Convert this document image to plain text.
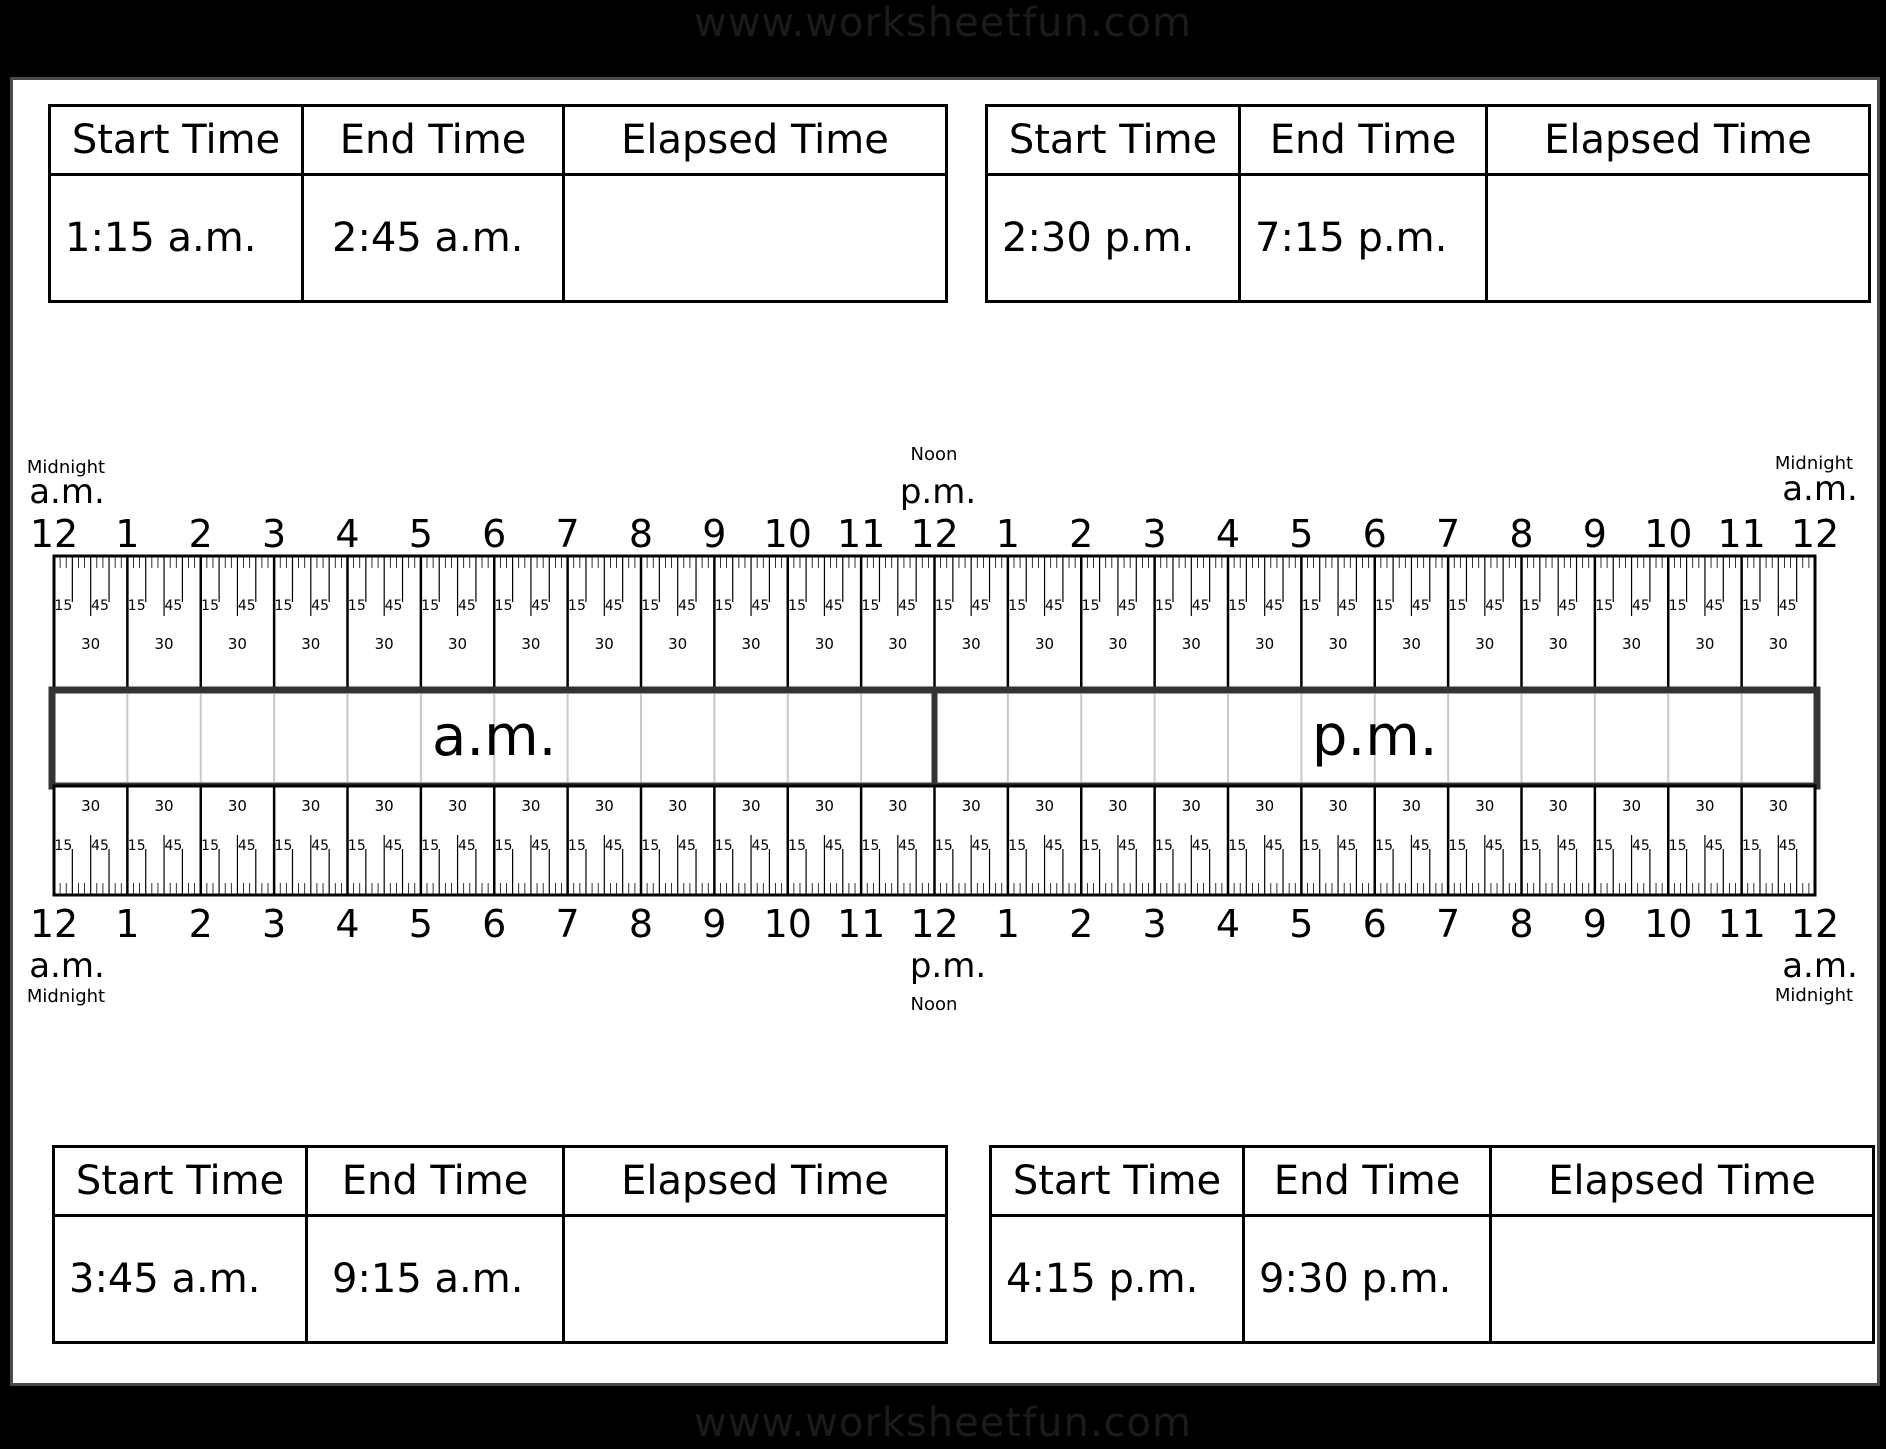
www.worksheetfun.com
Start Time	End Time	Elapsed Time
1:15 a.m.	2:45 a.m.	
Start Time	End Time	Elapsed Time
2:30 p.m.	7:15 p.m.	
Start Time	End Time	Elapsed Time
3:45 a.m.	9:15 a.m.	
Start Time	End Time	Elapsed Time
4:15 p.m.	9:30 p.m.	
15 45
30
15 45
30
15 45
30
15 45
30
15 45
30
15 45
30
15 45
30
15 45
30
15 45
30
15 45
30
15 45
30
15 45
30
15 45
30
15 45
30
15 45
30
15 45
30
15 45
30
15 45
30
15 45
30
15 45
30
15 45
30
15 45
30
15 45
30
15 45
30
a.m.	p.m.
30
15 45
30
15 45
30
15 45
30
15 45
30
15 45
30
15 45
30
15 45
30
15 45
30
15 45
30
15 45
30
15 45
30
15 45
30
15 45
30
15 45
30
15 45
30
15 45
30
15 45
30
15 45
30
15 45
30
15 45
30
15 45
30
15 45
30
15 45
30
15 45
12
12
1
1
2
2
3
3
4
4
5
5
6
6
7
7
8
8
9
9
10
10
11
11
12
12
1
1
2
2
3
3
4
4
5
5
6
6
7
7
8
8
9
9
10
10
11
11
12
12
Midnight
a.m.
Noon
p.m.
Midnight
a.m.
a.m.
Midnight
p.m.
Noon
a.m.
Midnight
www.worksheetfun.com
